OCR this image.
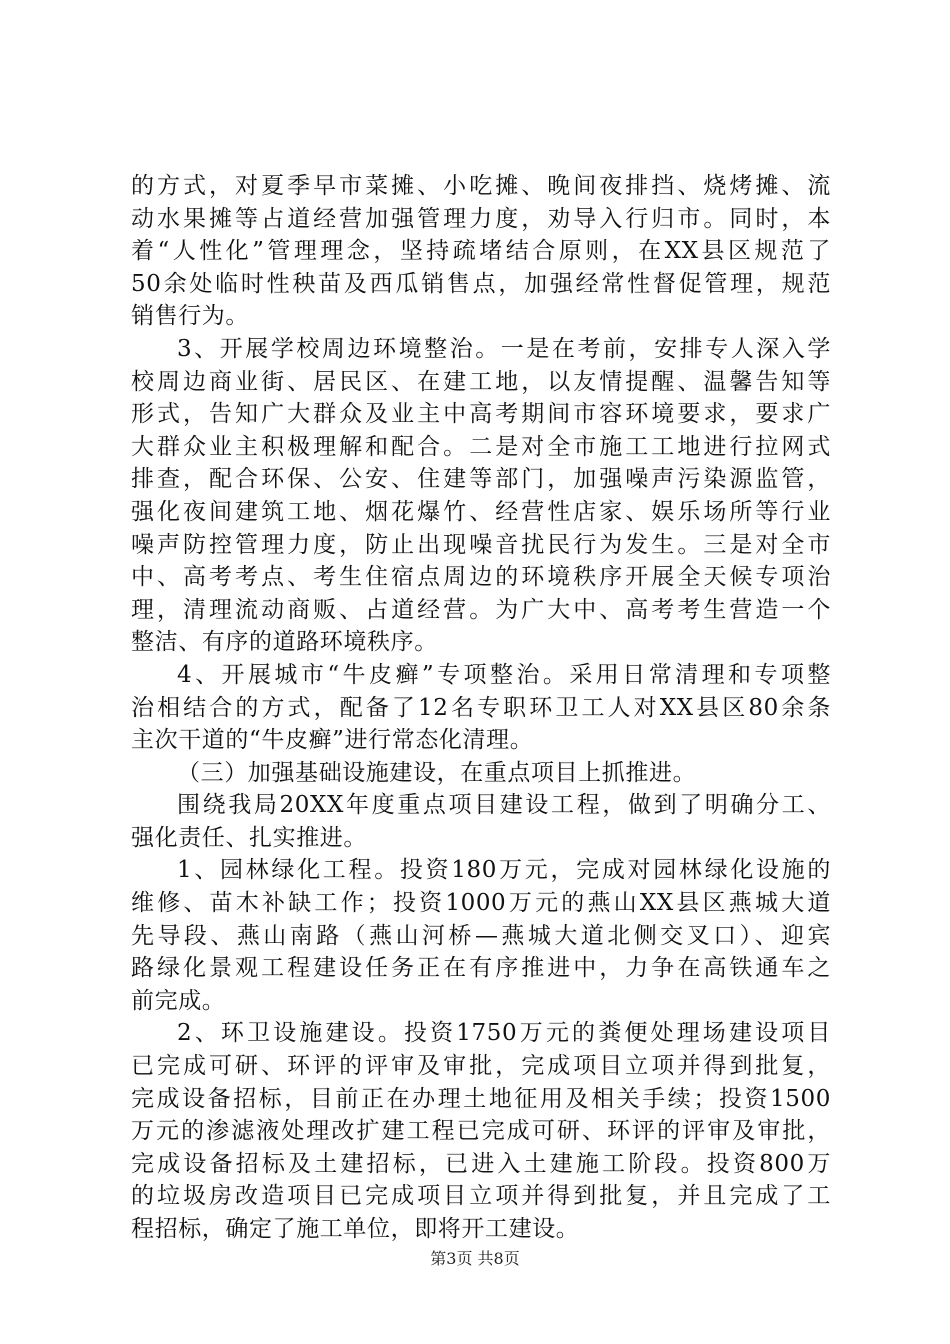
的方式，对夏季早市菜摊、小吃摊、晚间夜排挡、烧烤摊、流
动水果摊等占道经营加强管理力度，劝导入行归市。同时，本
着“人性化”管理理念，坚持疏堵结合原则，在XX县区规范了
50余处临时性秧苗及西瓜销售点，加强经常性督促管理，规范
销售行为。
3、开展学校周边环境整治。一是在考前，安排专人深入学
校周边商业街、居民区、在建工地，以友情提醒、温馨告知等
形式，告知广大群众及业主中高考期间市容环境要求，要求广
大群众业主积极理解和配合。二是对全市施工工地进行拉网式
排查，配合环保、公安、住建等部门，加强噪声污染源监管，
强化夜间建筑工地、烟花爆竹、经营性店家、娱乐场所等行业
噪声防控管理力度，防止出现噪音扰民行为发生。三是对全市
中、高考考点、考生住宿点周边的环境秩序开展全天候专项治
理，清理流动商贩、占道经营。为广大中、高考考生营造一个
整洁、有序的道路环境秩序。
4、开展城市“牛皮癣”专项整治。采用日常清理和专项整
治相结合的方式，配备了12名专职环卫工人对XX县区80余条
主次干道的“牛皮癣”进行常态化清理。
（三）加强基础设施建设，在重点项目上抓推进。
围绕我局20XX年度重点项目建设工程，做到了明确分工、
强化责任、扎实推进。
1、园林绿化工程。投资180万元，完成对园林绿化设施的
维修、苗木补缺工作；投资1000万元的燕山XX县区燕城大道
先导段、燕山南路（燕山河桥—燕城大道北侧交叉口）、迎宾
路绿化景观工程建设任务正在有序推进中，力争在高铁通车之
前完成。
2、环卫设施建设。投资1750万元的粪便处理场建设项目
已完成可研、环评的评审及审批，完成项目立项并得到批复，
完成设备招标，目前正在办理土地征用及相关手续；投资1500
万元的渗滤液处理改扩建工程已完成可研、环评的评审及审批，
完成设备招标及土建招标，已进入土建施工阶段。投资800万
的垃圾房改造项目已完成项目立项并得到批复，并且完成了工
程招标，确定了施工单位，即将开工建设。
第3页 共8页
